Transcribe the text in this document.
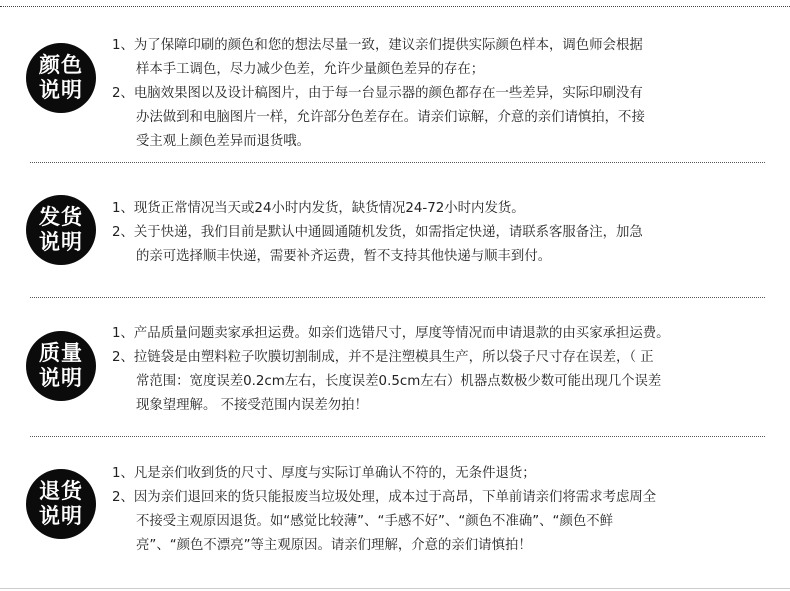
颜色
说明
1、为了保障印刷的颜色和您的想法尽量一致，建议亲们提供实际颜色样本，调色师会根据
样本手工调色，尽力减少色差，允许少量颜色差异的存在；
2、电脑效果图以及设计稿图片，由于每一台显示器的颜色都存在一些差异，实际印刷没有
办法做到和电脑图片一样，允许部分色差存在。请亲们谅解，介意的亲们请慎拍，不接
受主观上颜色差异而退货哦。
发货
说明
1、现货正常情况当天或24小时内发货，缺货情况24-72小时内发货。
2、关于快递，我们目前是默认中通圆通随机发货，如需指定快递，请联系客服备注，加急
的亲可选择顺丰快递，需要补齐运费，暂不支持其他快递与顺丰到付。
质量
说明
1、产品质量问题卖家承担运费。如亲们选错尺寸，厚度等情况而申请退款的由买家承担运费。
2、拉链袋是由塑料粒子吹膜切割制成，并不是注塑模具生产，所以袋子尺寸存在误差，（ 正
常范围：宽度误差0.2cm左右，长度误差0.5cm左右）机器点数极少数可能出现几个误差
现象望理解。 不接受范围内误差勿拍！
退货
说明
1、凡是亲们收到货的尺寸、厚度与实际订单确认不符的，无条件退货；
2、因为亲们退回来的货只能报废当垃圾处理，成本过于高昂，下单前请亲们将需求考虑周全
不接受主观原因退货。如“感觉比较薄”、“手感不好”、“颜色不准确”、“颜色不鲜
亮”、“颜色不漂亮”等主观原因。请亲们理解，介意的亲们请慎拍！
